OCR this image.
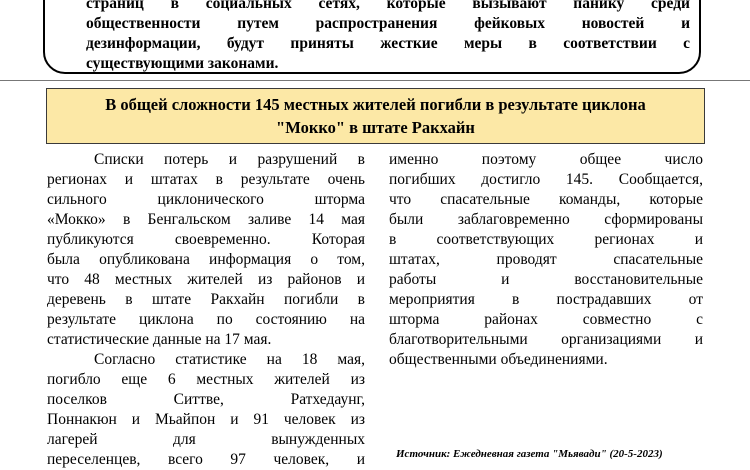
страниц в социальных сетях, которые вызывают панику среди
общественности путем распространения фейковых новостей и
дезинформации, будут приняты жесткие меры в соответствии с
существующими законами.
В общей сложности 145 местных жителей погибли в результате циклона
"Мокко" в штате Ракхайн
Списки потерь и разрушений в
регионах и штатах в результате очень
сильного циклонического шторма
«Мокко» в Бенгальском заливе 14 мая
публикуются своевременно. Которая
была опубликована информация о том,
что 48 местных жителей из районов и
деревень в штате Ракхайн погибли в
результате циклона по состоянию на
статистические данные на 17 мая.
Согласно статистике на 18 мая,
погибло еще 6 местных жителей из
поселков Ситтве, Ратхедаунг,
Поннакюн и Мьайпон и 91 человек из
лагерей для вынужденных
переселенцев, всего 97 человек, и
именно поэтому общее число
погибших достигло 145. Сообщается,
что спасательные команды, которые
были заблаговременно сформированы
в соответствующих регионах и
штатах, проводят спасательные
работы и восстановительные
мероприятия в пострадавших от
шторма районах совместно с
благотворительными организациями и
общественными объединениями.
Источник: Ежедневная газета "Мьявади" (20-5-2023)
